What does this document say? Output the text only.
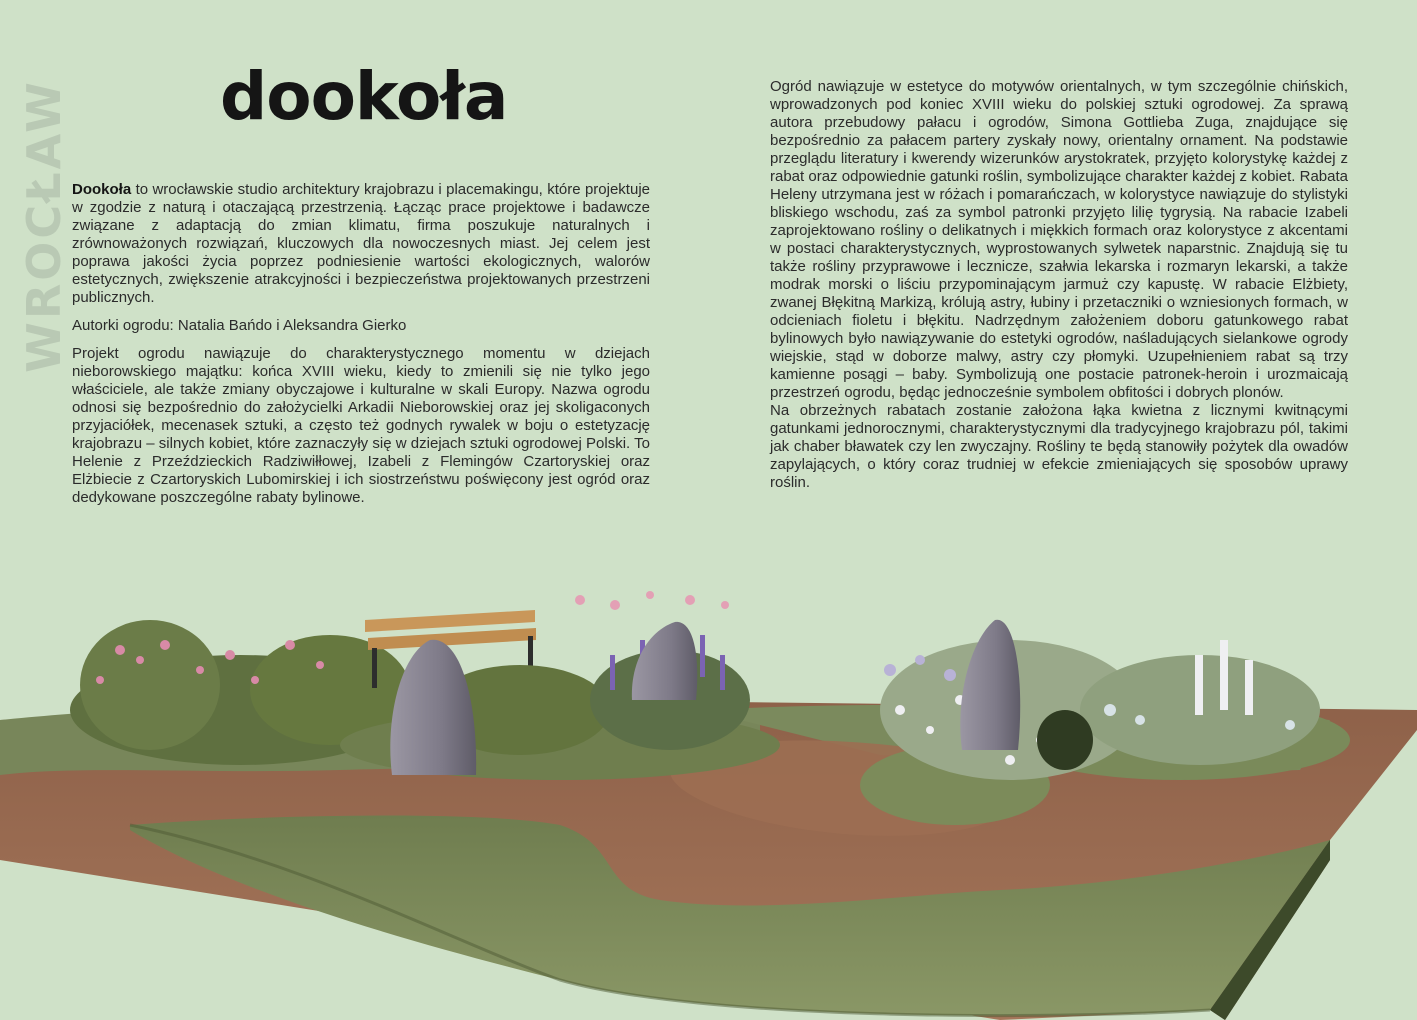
WROCŁAW dookoła

Dookoła to wrocławskie studio architektury krajobrazu i placemakingu, które projektuje w zgodzie z naturą i otaczającą przestrzenią. Łącząc prace projektowe i badawcze związane z adaptacją do zmian klimatu, firma poszukuje naturalnych i zrównoważonych rozwiązań, kluczowych dla nowoczesnych miast. Jej celem jest poprawa jakości życia poprzez podniesienie wartości ekologicznych, walorów estetycznych, zwiększenie atrakcyjności i bezpieczeństwa projektowanych przestrzeni publicznych.

Autorki ogrodu: Natalia Bańdo i Aleksandra Gierko

Projekt ogrodu nawiązuje do charakterystycznego momentu w dziejach nieborowskiego majątku: końca XVIII wieku, kiedy to zmienili się nie tylko jego właściciele, ale także zmiany obyczajowe i kulturalne w skali Europy. Nazwa ogrodu odnosi się bezpośrednio do założycielki Arkadii Nieborowskiej oraz jej skoligaconych przyjaciółek, mecenasek sztuki, a często też godnych rywalek w boju o estetyzację krajobrazu – silnych kobiet, które zaznaczyły się w dziejach sztuki ogrodowej Polski. To Helenie z Przeździeckich Radziwiłłowej, Izabeli z Flemingów Czartoryskiej oraz Elżbiecie z Czartoryskich Lubomirskiej i ich siostrzeństwu poświęcony jest ogród oraz dedykowane poszczególne rabaty bylinowe.

Ogród nawiązuje w estetyce do motywów orientalnych, w tym szczególnie chińskich, wprowadzonych pod koniec XVIII wieku do polskiej sztuki ogrodowej. Za sprawą autora przebudowy pałacu i ogrodów, Simona Gottlieba Zuga, znajdujące się bezpośrednio za pałacem partery zyskały nowy, orientalny ornament. Na podstawie przeglądu literatury i kwerendy wizerunków arystokratek, przyjęto kolorystykę każdej z rabat oraz odpowiednie gatunki roślin, symbolizujące charakter każdej z kobiet. Rabata Heleny utrzymana jest w różach i pomarańczach, w kolorystyce nawiązuje do stylistyki bliskiego wschodu, zaś za symbol patronki przyjęto lilię tygrysią. Na rabacie Izabeli zaprojektowano rośliny o delikatnych i miękkich formach oraz kolorystyce z akcentami w postaci charakterystycznych, wyprostowanych sylwetek naparstnic. Znajdują się tu także rośliny przyprawowe i lecznicze, szałwia lekarska i rozmaryn lekarski, a także modrak morski o liściu przypominającym jarmuż czy kapustę. W rabacie Elżbiety, zwanej Błękitną Markizą, królują astry, łubiny i przetaczniki o wzniesionych formach, w odcieniach fioletu i błękitu. Nadrzędnym założeniem doboru gatunkowego rabat bylinowych było nawiązywanie do estetyki ogrodów, naśladujących sielankowe ogrody wiejskie, stąd w doborze malwy, astry czy płomyki. Uzupełnieniem rabat są trzy kamienne posągi – baby. Symbolizują one postacie patronek-heroin i urozmaicają przestrzeń ogrodu, będąc jednocześnie symbolem obfitości i dobrych plonów.

Na obrzeżnych rabatach zostanie założona łąka kwietna z licznymi kwitnącymi gatunkami jednorocznymi, charakterystycznymi dla tradycyjnego krajobrazu pól, takimi jak chaber bławatek czy len zwyczajny. Rośliny te będą stanowiły pożytek dla owadów zapylających, o który coraz trudniej w efekcie zmieniających się sposobów uprawy roślin.
